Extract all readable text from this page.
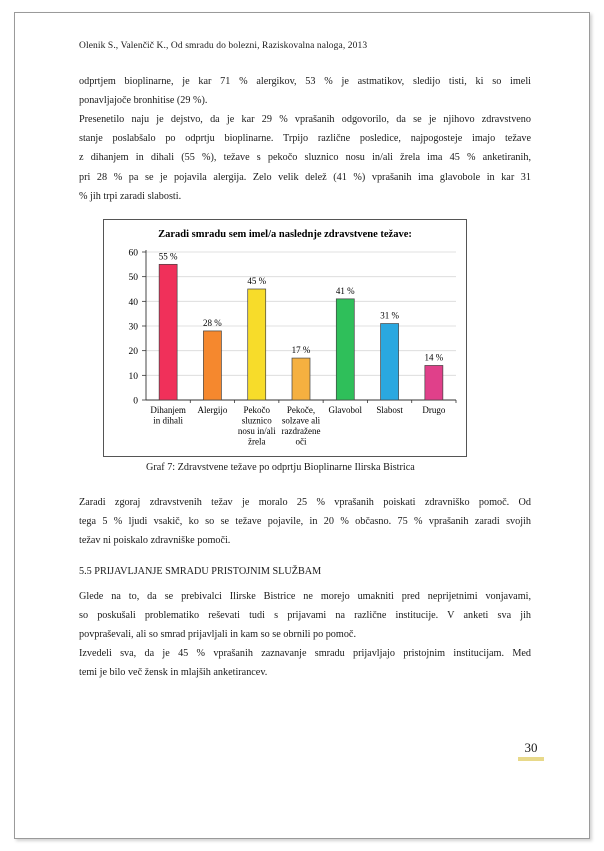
Olenik S., Valenčič K., Od smradu do bolezni, Raziskovalna naloga, 2013
odprtjem bioplinarne, je kar 71 % alergikov, 53 % je astmatikov, sledijo tisti, ki so imeli
ponavljajoče bronhitise (29 %).
Presenetilo naju je dejstvo, da je kar 29 % vprašanih odgovorilo, da se je njihovo zdravstveno
stanje poslabšalo po odprtju bioplinarne. Trpijo različne posledice, najpogosteje imajo težave
z dihanjem in dihali (55 %), težave s pekočo sluznico nosu in/ali žrela ima 45 % anketiranih,
pri 28 % pa se je pojavila alergija. Zelo velik delež (41 %) vprašanih ima glavobole in kar 31
% jih trpi zaradi slabosti.
Zaradi smradu sem imel/a naslednje zdravstvene težave:
0
10
20
30
40
50
60 55 %
28 %
45 %
17 %
41 %
31 %
14 %
Dihanjem
in dihali
Alergijo Pekočo
sluznico
nosu in/ali
žrela
Pekoče,
solzave ali
razdražene
oči
Glavobol Slabost Drugo
Graf 7: Zdravstvene težave po odprtju Bioplinarne Ilirska Bistrica
Zaradi zgoraj zdravstvenih težav je moralo 25 % vprašanih poiskati zdravniško pomoč. Od
tega 5 % ljudi vsakič, ko so se težave pojavile, in 20 % občasno. 75 % vprašanih zaradi svojih
težav ni poiskalo zdravniške pomoči.
5.5 PRIJAVLJANJE SMRADU PRISTOJNIM SLUŽBAM
Glede na to, da se prebivalci Ilirske Bistrice ne morejo umakniti pred neprijetnimi vonjavami,
so poskušali problematiko reševati tudi s prijavami na različne institucije. V anketi sva jih
povpraševali, ali so smrad prijavljali in kam so se obrnili po pomoč.
Izvedeli sva, da je 45 % vprašanih zaznavanje smradu prijavljajo pristojnim institucijam. Med
temi je bilo več žensk in mlajših anketirancev.
30
